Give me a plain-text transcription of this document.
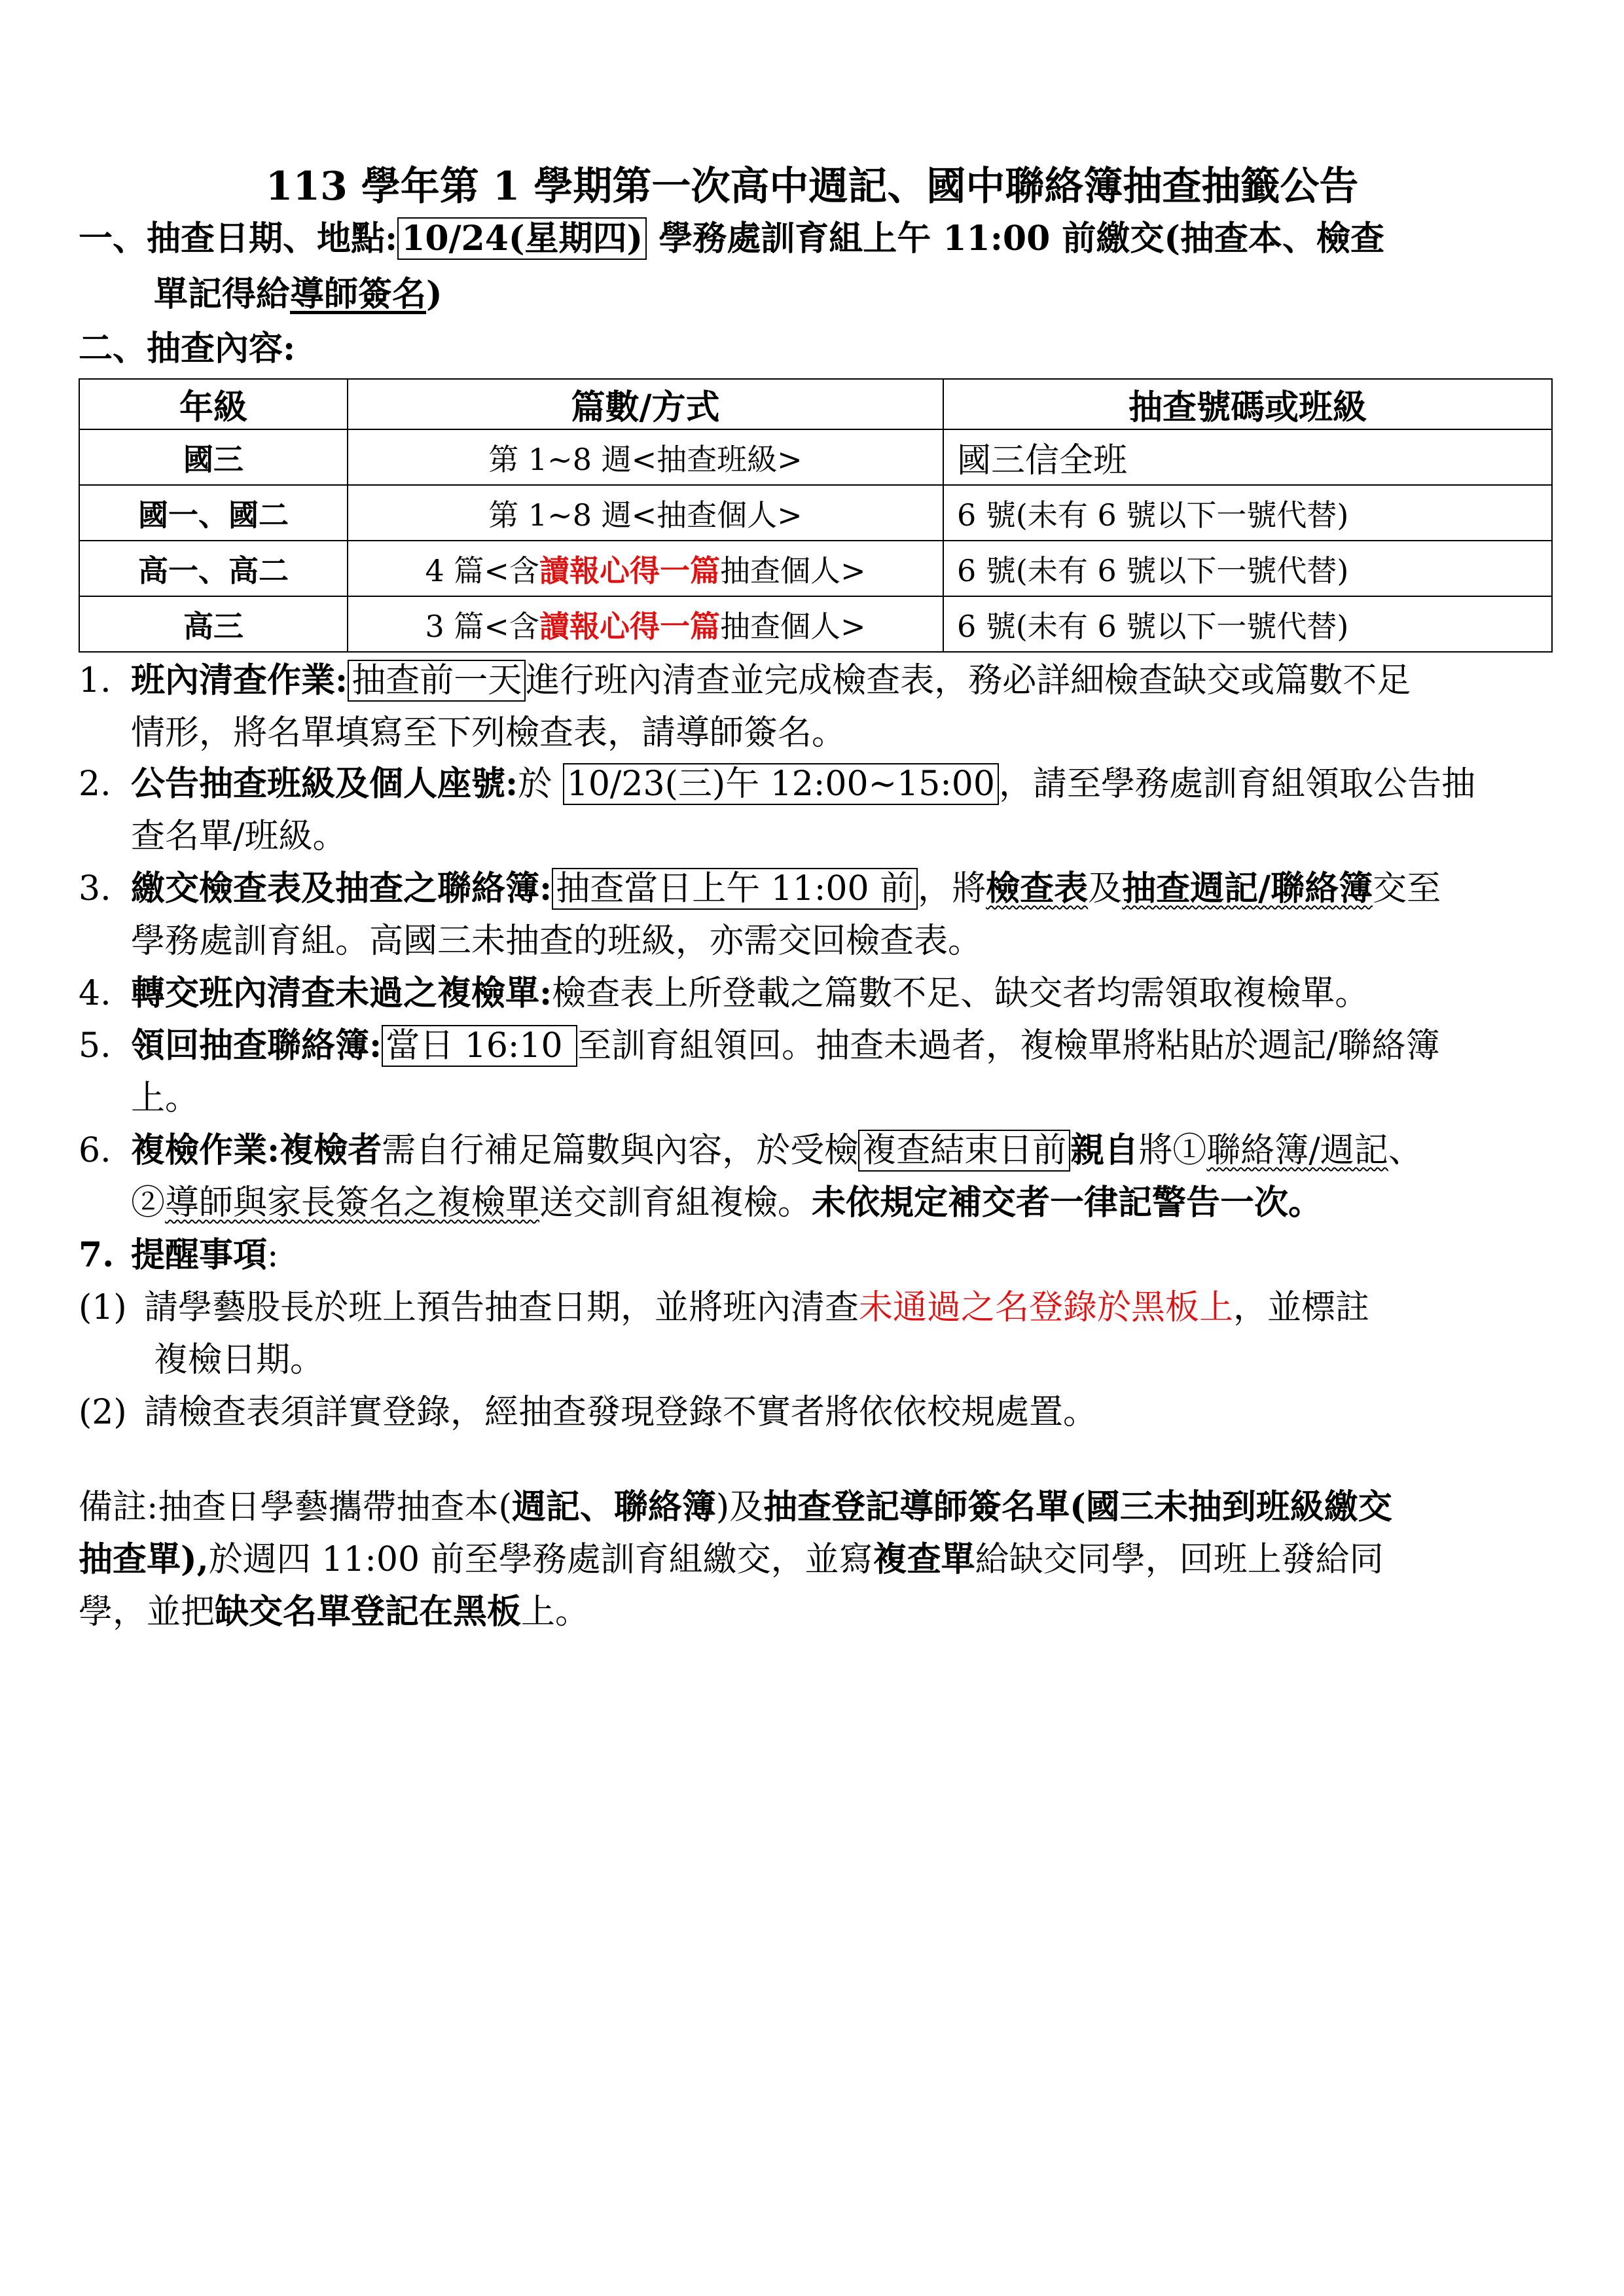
113 學年第 1 學期第一次高中週記、國中聯絡簿抽查抽籤公告
一、抽查日期、地點: 10/24(星期四) 學務處訓育組上午 11:00 前繳交(抽查本、檢查
單記得給導師簽名)
二、抽查內容:
年級	篇數/方式	抽查號碼或班級
國三	第 1~8 週<抽查班級>	國三信全班
國一、國二	第 1~8 週<抽查個人>	6 號(未有 6 號以下一號代替)
高一、高二	4 篇<含讀報心得一篇抽查個人>	6 號(未有 6 號以下一號代替)
高三	3 篇<含讀報心得一篇抽查個人>	6 號(未有 6 號以下一號代替)
1. 班內清查作業: 抽查前一天 進行班內清查並完成檢查表，務必詳細檢查缺交或篇數不足
情形，將名單填寫至下列檢查表，請導師簽名。
2. 公告抽查班級及個人座號:於 10/23(三)午 12:00~15:00 ，請至學務處訓育組領取公告抽
查名單/班級。
3. 繳交檢查表及抽查之聯絡簿: 抽查當日上午 11:00 前 ，將檢查表及抽查週記/聯絡簿交至
學務處訓育組。高國三未抽查的班級，亦需交回檢查表。
4. 轉交班內清查未過之複檢單:檢查表上所登載之篇數不足、缺交者均需領取複檢單。
5. 領回抽查聯絡簿: 當日 16:10 至訓育組領回。抽查未過者，複檢單將粘貼於週記/聯絡簿
上。
6. 複檢作業:複檢者需自行補足篇數與內容，於受檢 複查結束日前 親自將①聯絡簿/週記、
②導師與家長簽名之複檢單送交訓育組複檢。未依規定補交者一律記警告一次。
7. 提醒事項:
(1) 請學藝股長於班上預告抽查日期，並將班內清查未通過之名登錄於黑板上，並標註
複檢日期。
(2) 請檢查表須詳實登錄，經抽查發現登錄不實者將依依校規處置。
備註:抽查日學藝攜帶抽查本(週記、聯絡簿)及抽查登記導師簽名單(國三未抽到班級繳交
抽查單),於週四 11:00 前至學務處訓育組繳交，並寫複查單給缺交同學，回班上發給同
學，並把缺交名單登記在黑板上。
